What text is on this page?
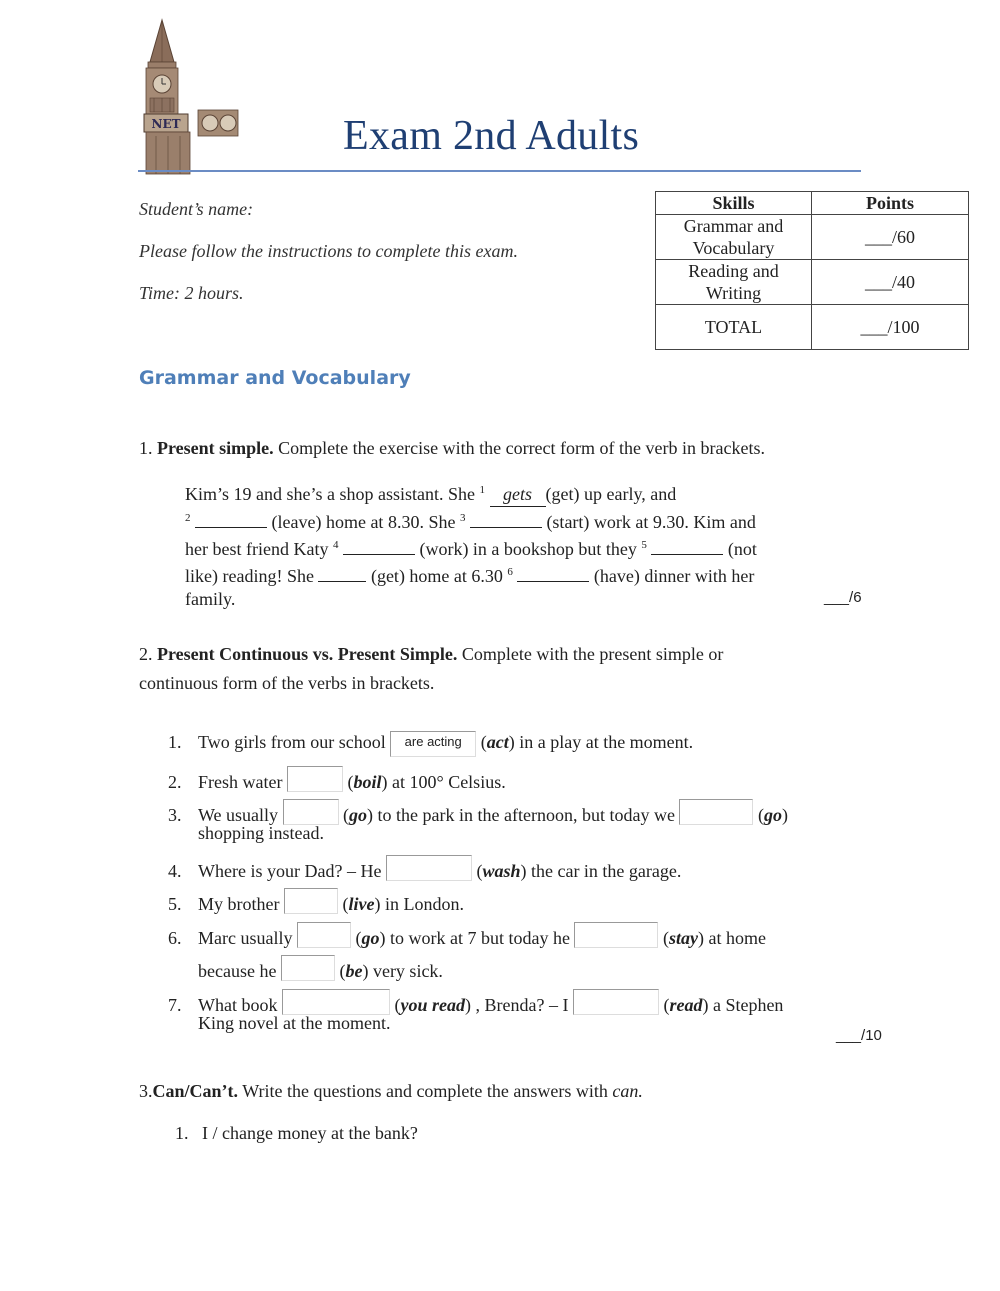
NET	Exam 2nd Adults
Student’s name:
Please follow the instructions to complete this exam.
Time: 2 hours.
Skills	Points
Grammar and
Vocabulary	___/60
Reading and
Writing	___/40
TOTAL	___/100
Grammar and Vocabulary
1. Present simple. Complete the exercise with the correct form of the verb in brackets.
Kim’s 19 and she’s a shop assistant. She $^1$ gets (get) up early, and
$^2$	(leave) home at 8.30. She $^3$	(start) work at 9.30. Kim and
her best friend Katy $^4$	(work) in a bookshop but they $^5$	(not
like) reading! She	(get) home at 6.30 $^6$	(have) dinner with her
family.	___/6
2. Present Continuous vs. Present Simple. Complete with the present simple or
continuous form of the verbs in brackets.
1. Two girls from our school are acting (act) in a play at the moment.
2. Fresh water	(boil) at 100° Celsius.
3. We usually	(go) to the park in the afternoon, but today we	(go)
shopping instead.
4. Where is your Dad? – He	(wash) the car in the garage.
5. My brother	(live) in London.
6. Marc usually	(go) to work at 7 but today he	(stay) at home
because he	(be) very sick.
7. What book	(you read) , Brenda? – I	(read) a Stephen
King novel at the moment.
___/10
3.Can/Can’t. Write the questions and complete the answers with can.
1. I / change money at the bank?
